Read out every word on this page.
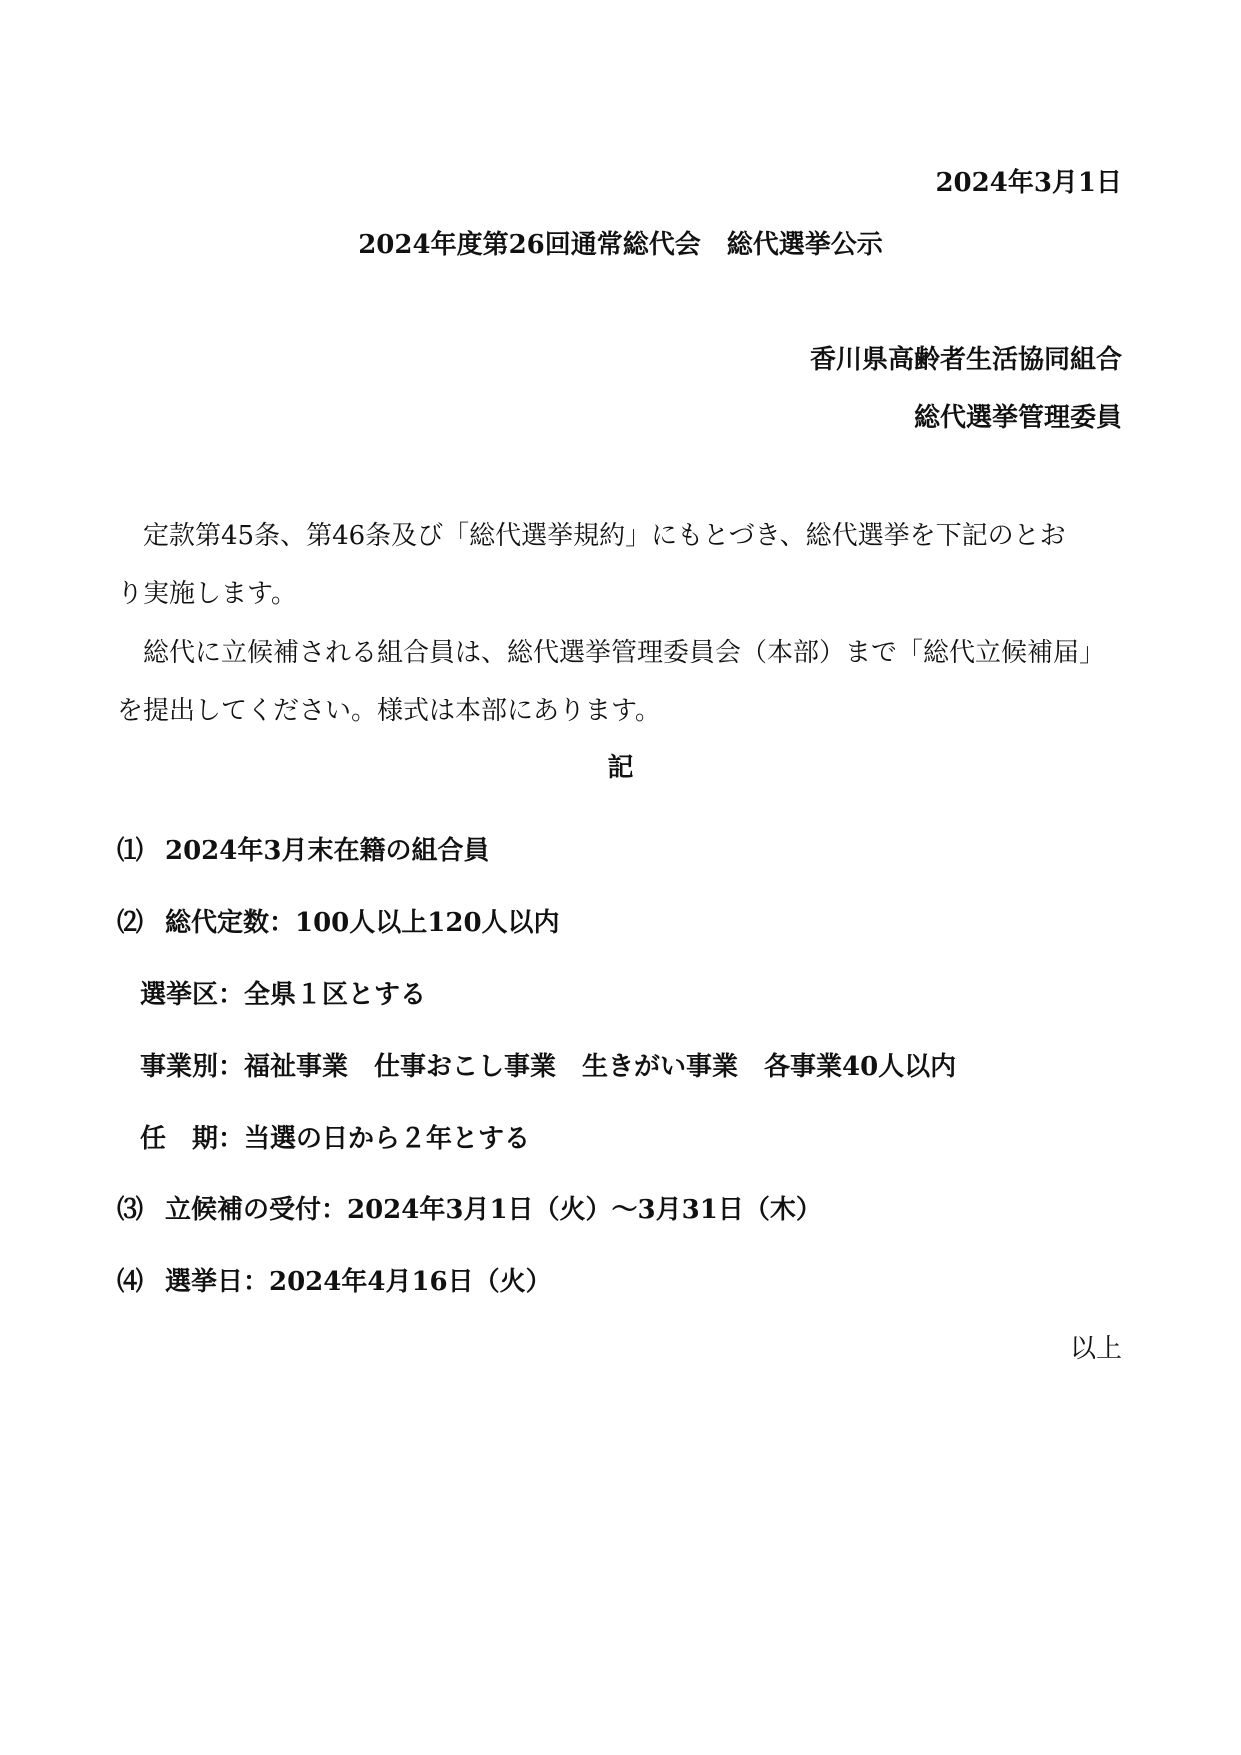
2024年3月1日
2024年度第26回通常総代会　総代選挙公示
香川県高齢者生活協同組合
総代選挙管理委員
　定款第45条、第46条及び「総代選挙規約」にもとづき、総代選挙を下記のとお
り実施します。
　総代に立候補される組合員は、総代選挙管理委員会（本部）まで「総代立候補届」
を提出してください。様式は本部にあります。
記
⑴ 2024年3月末在籍の組合員
⑵ 総代定数：100人以上120人以内
選挙区：全県１区とする
事業別：福祉事業　仕事おこし事業　生きがい事業　各事業40人以内
任　期：当選の日から２年とする
⑶ 立候補の受付：2024年3月1日（火）～3月31日（木）
⑷ 選挙日：2024年4月16日（火）
以上
